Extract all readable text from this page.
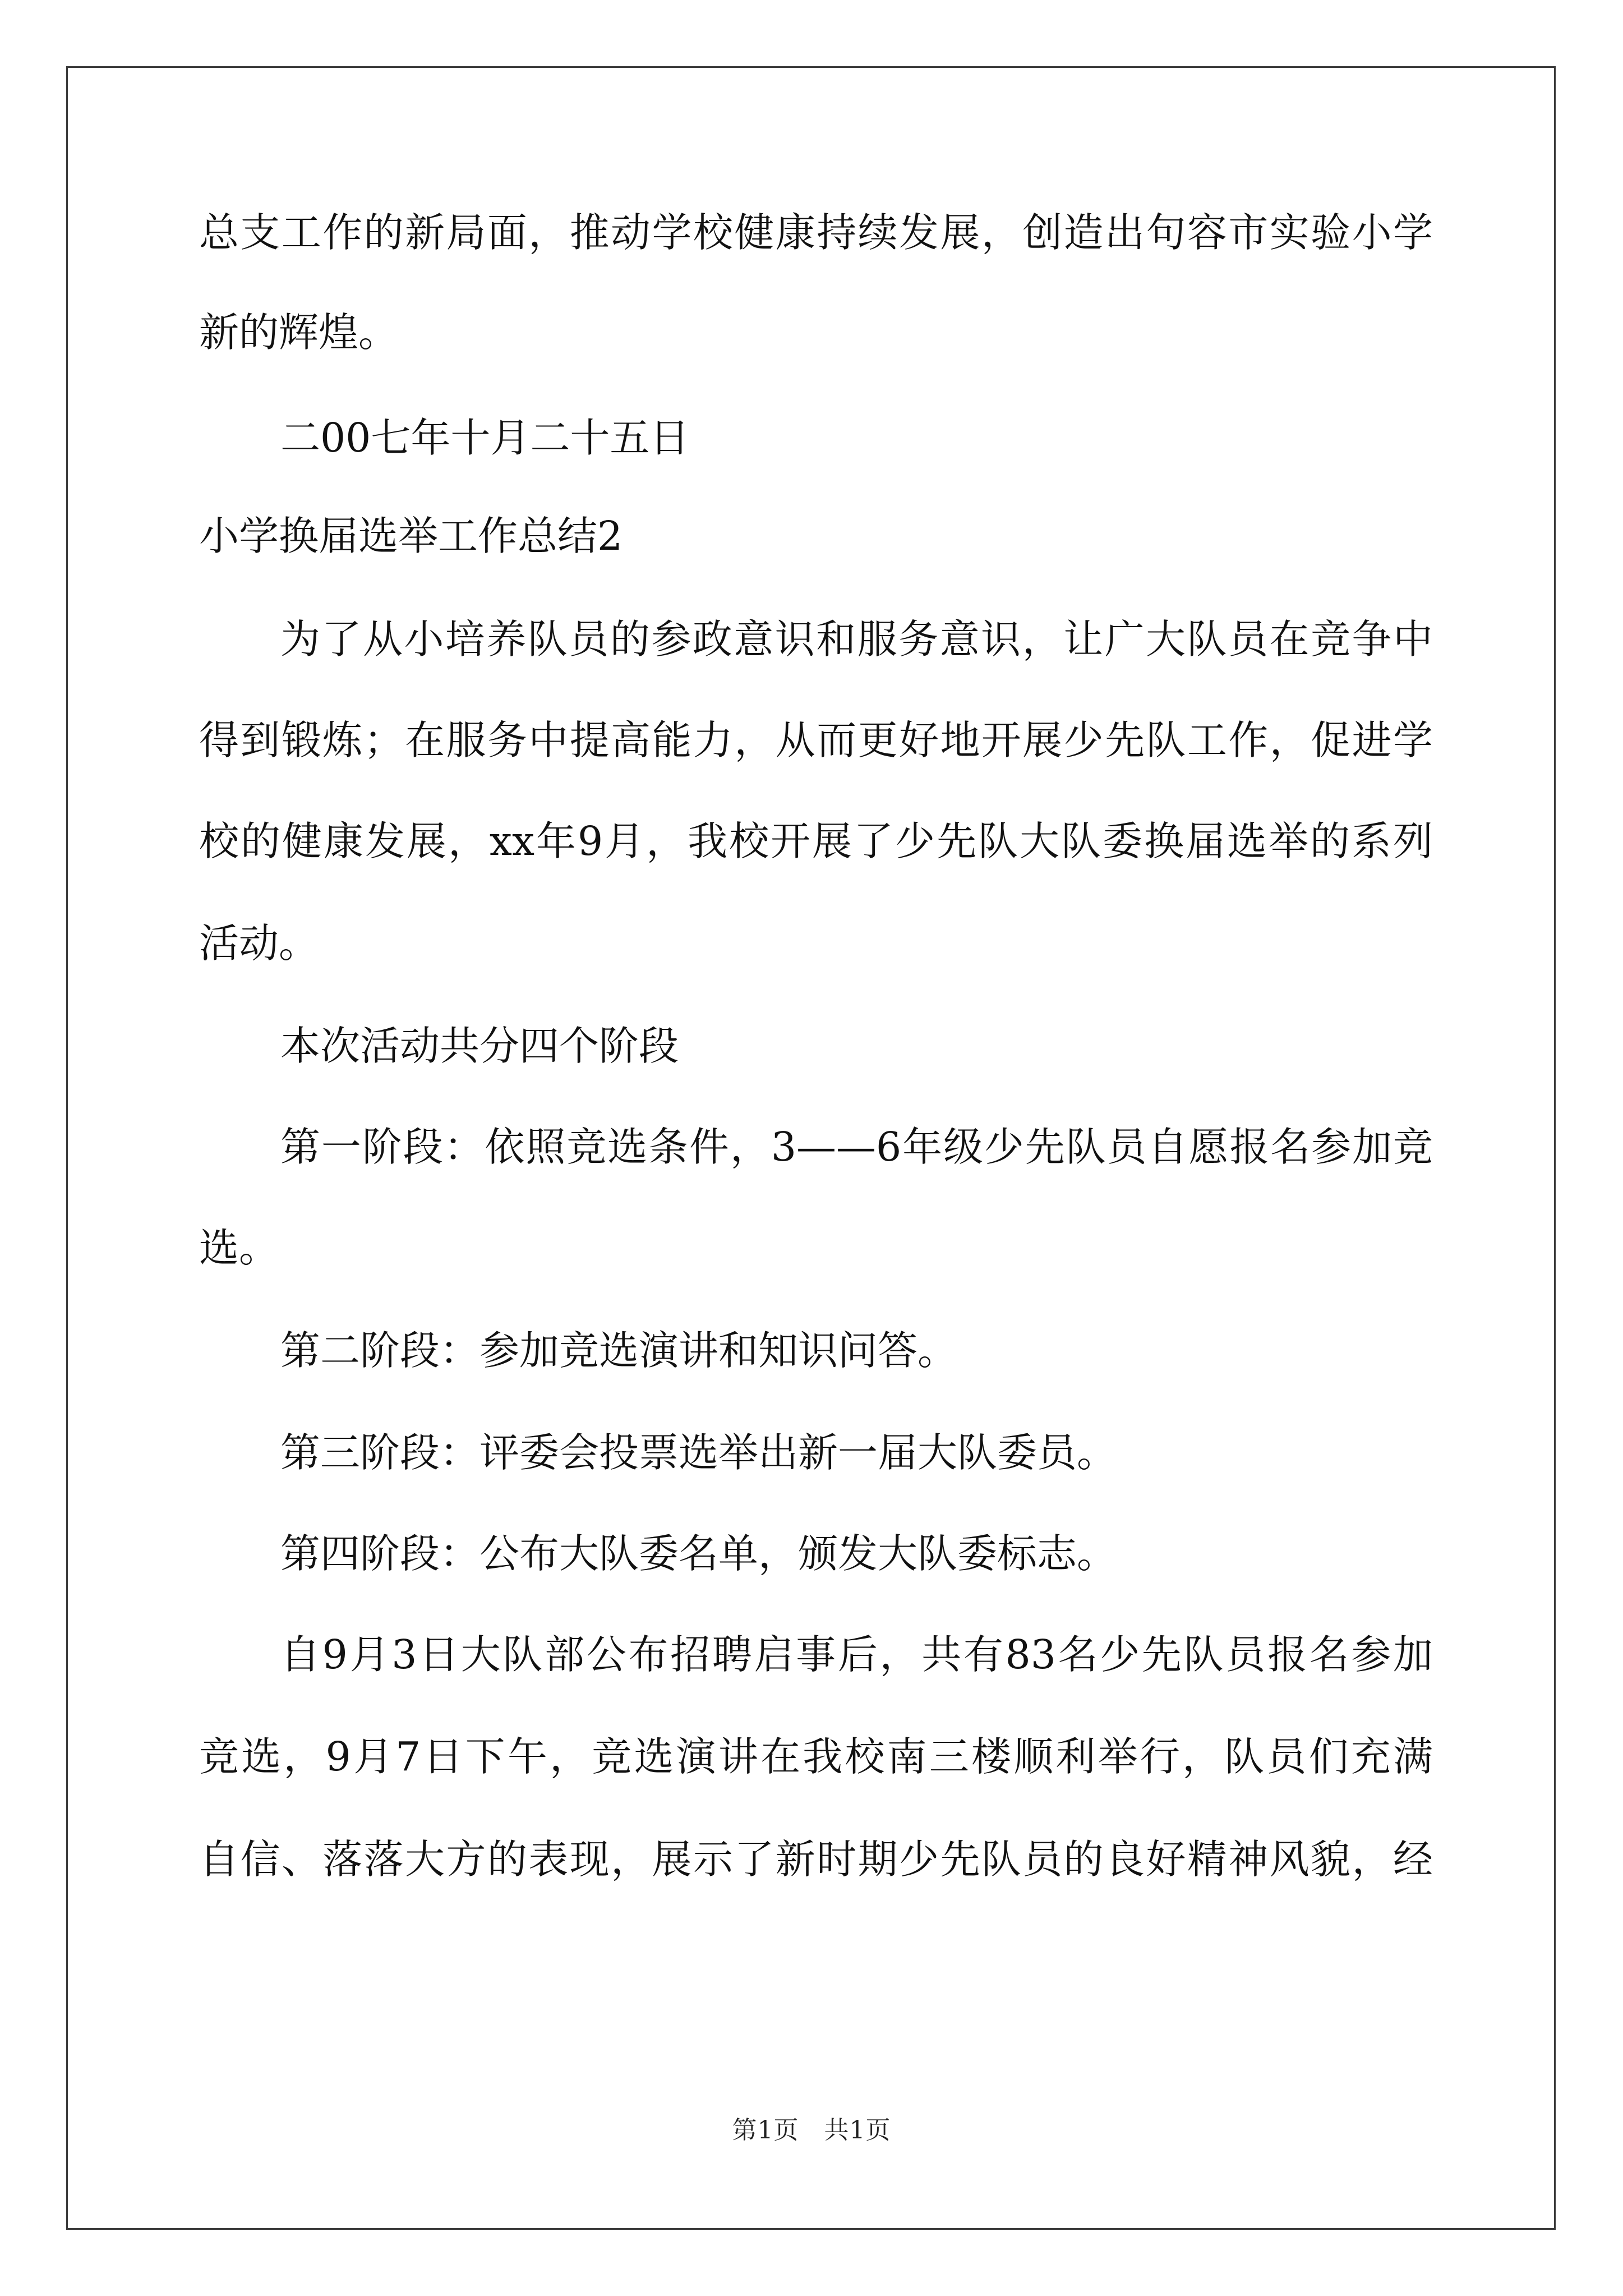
总支工作的新局面，推动学校健康持续发展，创造出句容市实验小学
新的辉煌。
二00七年十月二十五日
小学换届选举工作总结2
为了从小培养队员的参政意识和服务意识，让广大队员在竞争中
得到锻炼；在服务中提高能力，从而更好地开展少先队工作，促进学
校的健康发展，xx年9月，我校开展了少先队大队委换届选举的系列
活动。
本次活动共分四个阶段
第一阶段：依照竞选条件，3——6年级少先队员自愿报名参加竞
选。
第二阶段：参加竞选演讲和知识问答。
第三阶段：评委会投票选举出新一届大队委员。
第四阶段：公布大队委名单，颁发大队委标志。
自9月3日大队部公布招聘启事后，共有83名少先队员报名参加
竞选，9月7日下午，竞选演讲在我校南三楼顺利举行，队员们充满
自信、落落大方的表现，展示了新时期少先队员的良好精神风貌，经
第1页　共1页
